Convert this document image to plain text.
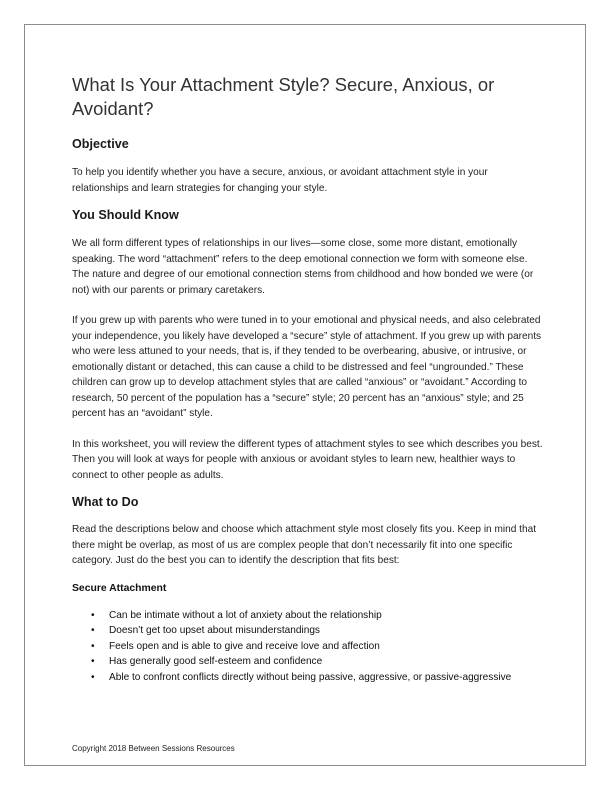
What Is Your Attachment Style? Secure, Anxious, or Avoidant?
Objective

To help you identify whether you have a secure, anxious, or avoidant attachment style in your relationships and learn strategies for changing your style.

You Should Know

We all form different types of relationships in our lives—some close, some more distant, emotionally speaking. The word “attachment” refers to the deep emotional connection we form with someone else. The nature and degree of our emotional connection stems from childhood and how bonded we were (or not) with our parents or primary caretakers.

If you grew up with parents who were tuned in to your emotional and physical needs, and also celebrated your independence, you likely have developed a “secure” style of attachment. If you grew up with parents who were less attuned to your needs, that is, if they tended to be overbearing, abusive, or intrusive, or emotionally distant or detached, this can cause a child to be distressed and feel “ungrounded.” These children can grow up to develop attachment styles that are called “anxious” or “avoidant.” According to research, 50 percent of the population has a “secure” style; 20 percent has an “anxious” style; and 25 percent has an “avoidant” style.

In this worksheet, you will review the different types of attachment styles to see which describes you best. Then you will look at ways for people with anxious or avoidant styles to learn new, healthier ways to connect to other people as adults.

What to Do

Read the descriptions below and choose which attachment style most closely fits you. Keep in mind that there might be overlap, as most of us are complex people that don’t necessarily fit into one specific category. Just do the best you can to identify the description that fits best:

Secure Attachment
• Can be intimate without a lot of anxiety about the relationship
• Doesn’t get too upset about misunderstandings
• Feels open and is able to give and receive love and affection
• Has generally good self-esteem and confidence
• Able to confront conflicts directly without being passive, aggressive, or passive-aggressive
Copyright 2018 Between Sessions Resources
